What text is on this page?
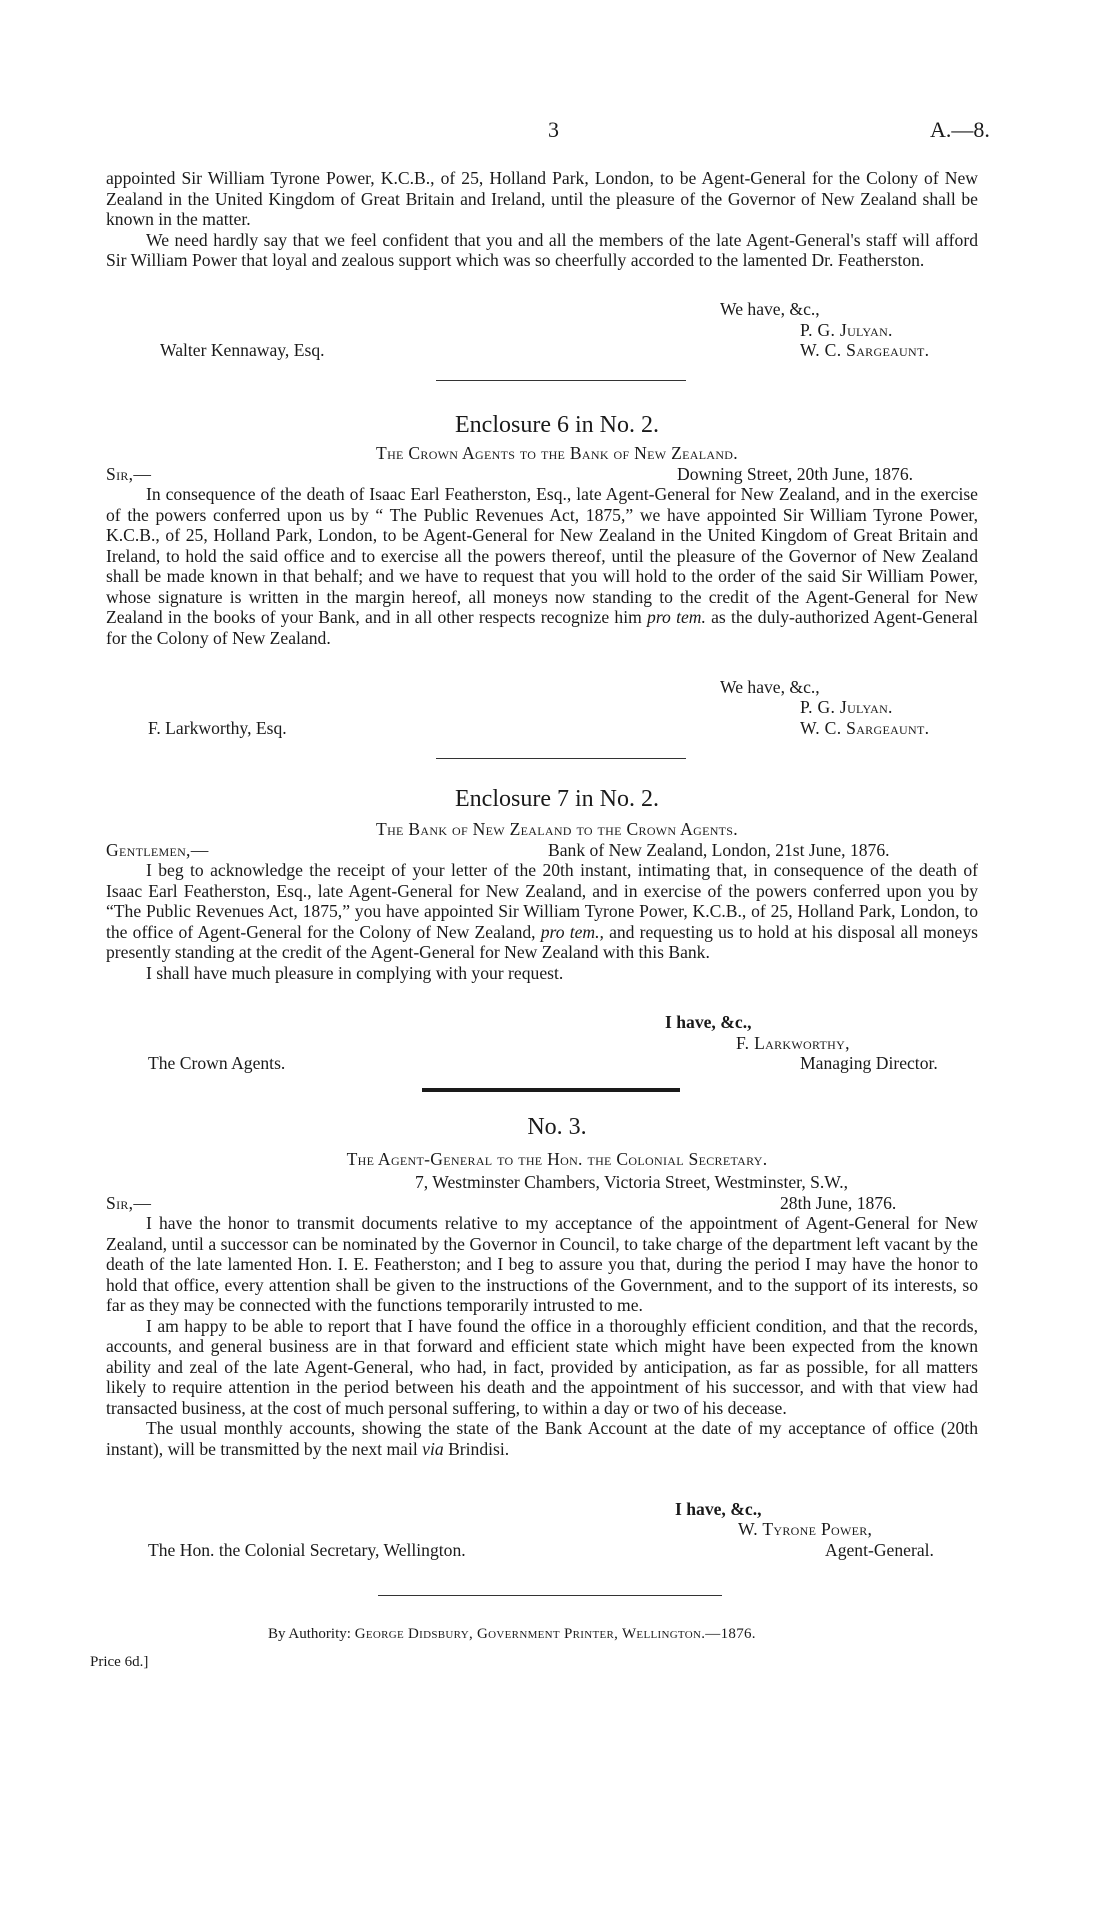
3	A.—8.

appointed Sir William Tyrone Power, K.C.B., of 25, Holland Park, London, to be Agent-General for the Colony of New Zealand in the United Kingdom of Great Britain and Ireland, until the pleasure of the Governor of New Zealand shall be known in the matter.

We need hardly say that we feel confident that you and all the members of the late Agent-General's staff will afford Sir William Power that loyal and zealous support which was so cheerfully accorded to the lamented Dr. Featherston.

We have, &c.,
P. G. Julyan.
Walter Kennaway, Esq.	W. C. Sargeaunt.
Enclosure 6 in No. 2.
The Crown Agents to the Bank of New Zealand.
Sir,—	Downing Street, 20th June, 1876.

In consequence of the death of Isaac Earl Featherston, Esq., late Agent-General for New Zealand, and in the exercise of the powers conferred upon us by “ The Public Revenues Act, 1875,” we have appointed Sir William Tyrone Power, K.C.B., of 25, Holland Park, London, to be Agent-General for New Zealand in the United Kingdom of Great Britain and Ireland, to hold the said office and to exercise all the powers thereof, until the pleasure of the Governor of New Zealand shall be made known in that behalf; and we have to request that you will hold to the order of the said Sir William Power, whose signature is written in the margin hereof, all moneys now standing to the credit of the Agent-General for New Zealand in the books of your Bank, and in all other respects recognize him pro tem. as the duly-authorized Agent-General for the Colony of New Zealand.

We have, &c.,
P. G. Julyan.
F. Larkworthy, Esq.	W. C. Sargeaunt.
Enclosure 7 in No. 2.
The Bank of New Zealand to the Crown Agents.
Gentlemen,—	Bank of New Zealand, London, 21st June, 1876.

I beg to acknowledge the receipt of your letter of the 20th instant, intimating that, in consequence of the death of Isaac Earl Featherston, Esq., late Agent-General for New Zealand, and in exercise of the powers conferred upon you by “The Public Revenues Act, 1875,” you have appointed Sir William Tyrone Power, K.C.B., of 25, Holland Park, London, to the office of Agent-General for the Colony of New Zealand, pro tem., and requesting us to hold at his disposal all moneys presently standing at the credit of the Agent-General for New Zealand with this Bank.

I shall have much pleasure in complying with your request.

I have, &c.,
F. Larkworthy,
The Crown Agents.	Managing Director.
No. 3.
The Agent-General to the Hon. the Colonial Secretary.
7, Westminster Chambers, Victoria Street, Westminster, S.W.,
Sir,—	28th June, 1876.

I have the honor to transmit documents relative to my acceptance of the appointment of Agent-General for New Zealand, until a successor can be nominated by the Governor in Council, to take charge of the department left vacant by the death of the late lamented Hon. I. E. Featherston; and I beg to assure you that, during the period I may have the honor to hold that office, every attention shall be given to the instructions of the Government, and to the support of its interests, so far as they may be connected with the functions temporarily intrusted to me.

I am happy to be able to report that I have found the office in a thoroughly efficient condition, and that the records, accounts, and general business are in that forward and efficient state which might have been expected from the known ability and zeal of the late Agent-General, who had, in fact, provided by anticipation, as far as possible, for all matters likely to require attention in the period between his death and the appointment of his successor, and with that view had transacted business, at the cost of much personal suffering, to within a day or two of his decease.

The usual monthly accounts, showing the state of the Bank Account at the date of my acceptance of office (20th instant), will be transmitted by the next mail via Brindisi.

I have, &c.,
W. Tyrone Power,
The Hon. the Colonial Secretary, Wellington.	Agent-General.
By Authority: George Didsbury, Government Printer, Wellington.—1876.
Price 6d.]
